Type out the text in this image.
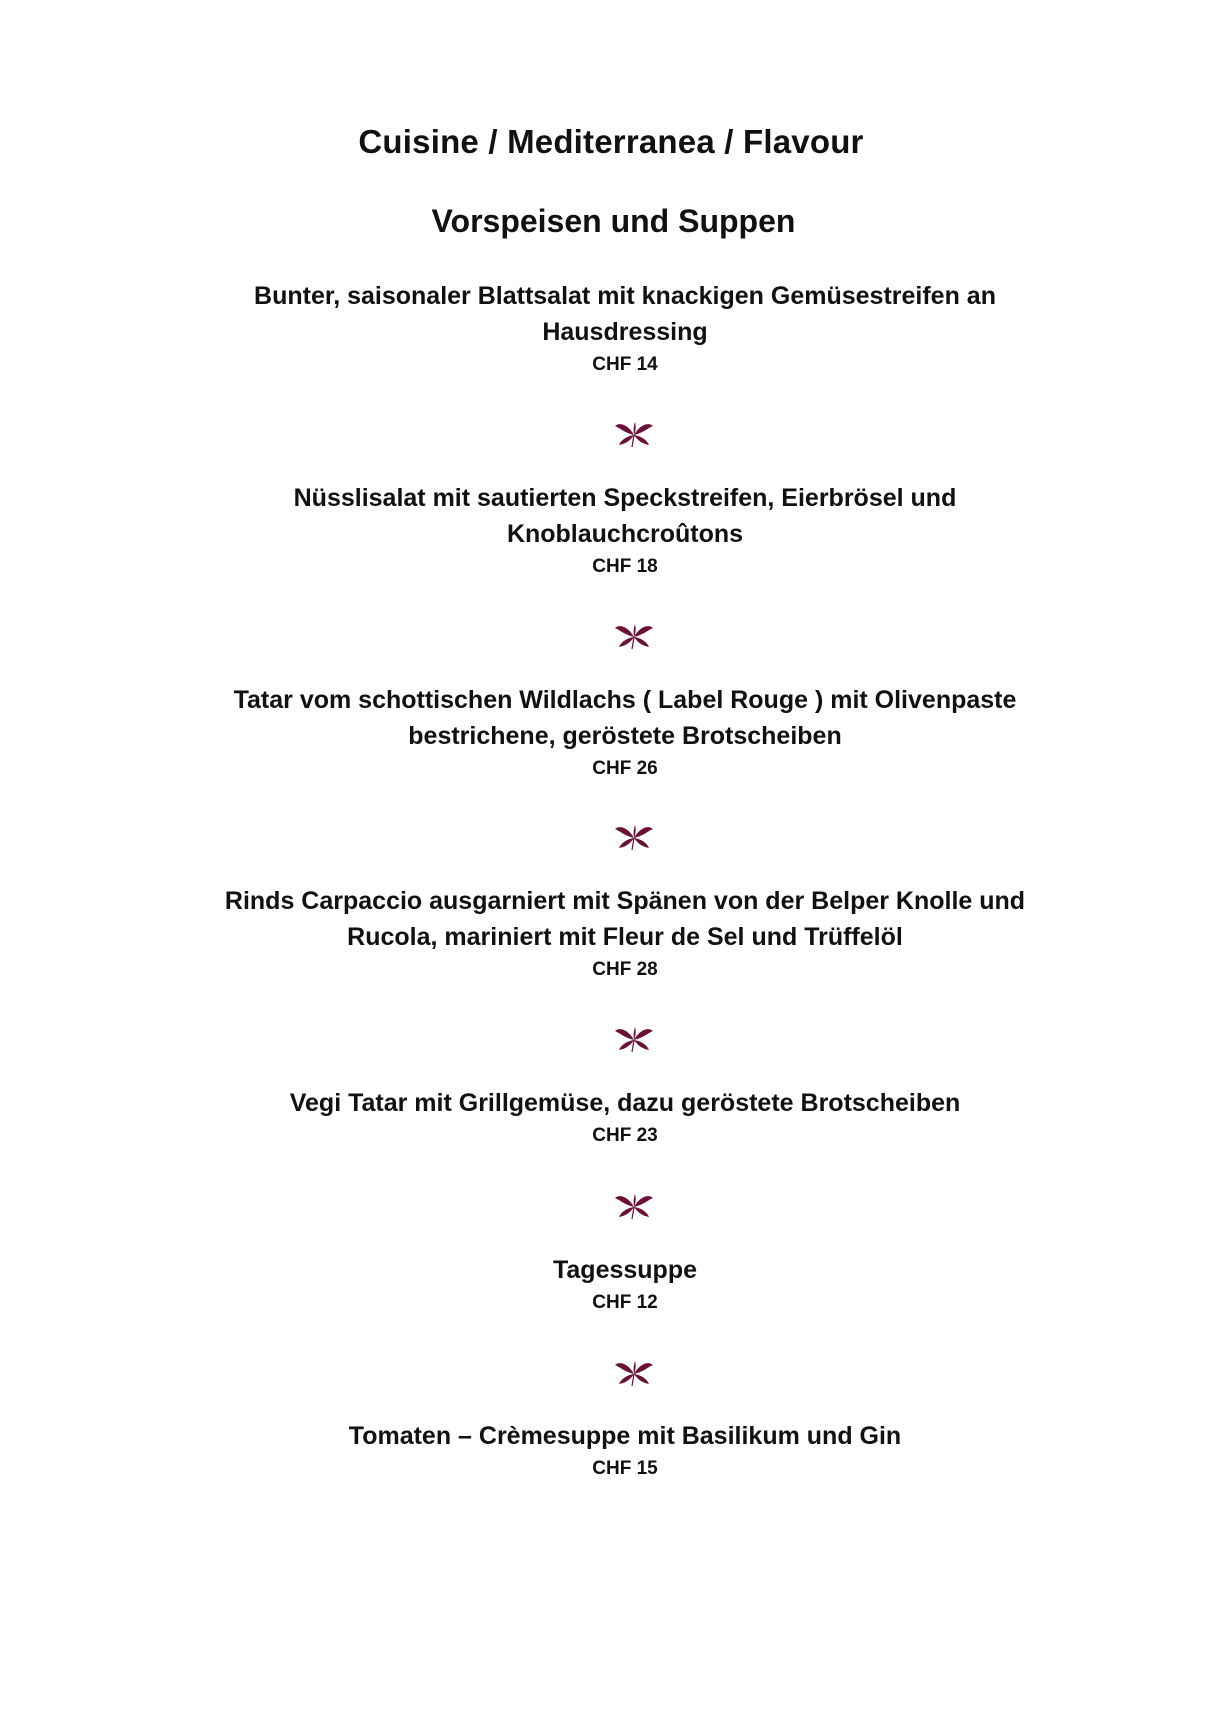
Cuisine / Mediterranea / Flavour
Vorspeisen und Suppen
Bunter, saisonaler Blattsalat mit knackigen Gemüsestreifen an Hausdressing
CHF 14
Nüsslisalat mit sautierten Speckstreifen, Eierbrösel und Knoblauchcroûtons
CHF 18
Tatar vom schottischen Wildlachs ( Label Rouge ) mit Olivenpaste bestrichene, geröstete Brotscheiben
CHF 26
Rinds Carpaccio ausgarniert mit Spänen von der Belper Knolle und Rucola, mariniert mit Fleur de Sel und Trüffelöl
CHF 28
Vegi Tatar mit Grillgemüse, dazu geröstete Brotscheiben
CHF 23
Tagessuppe
CHF 12
Tomaten – Crèmesuppe mit Basilikum und Gin
CHF 15
